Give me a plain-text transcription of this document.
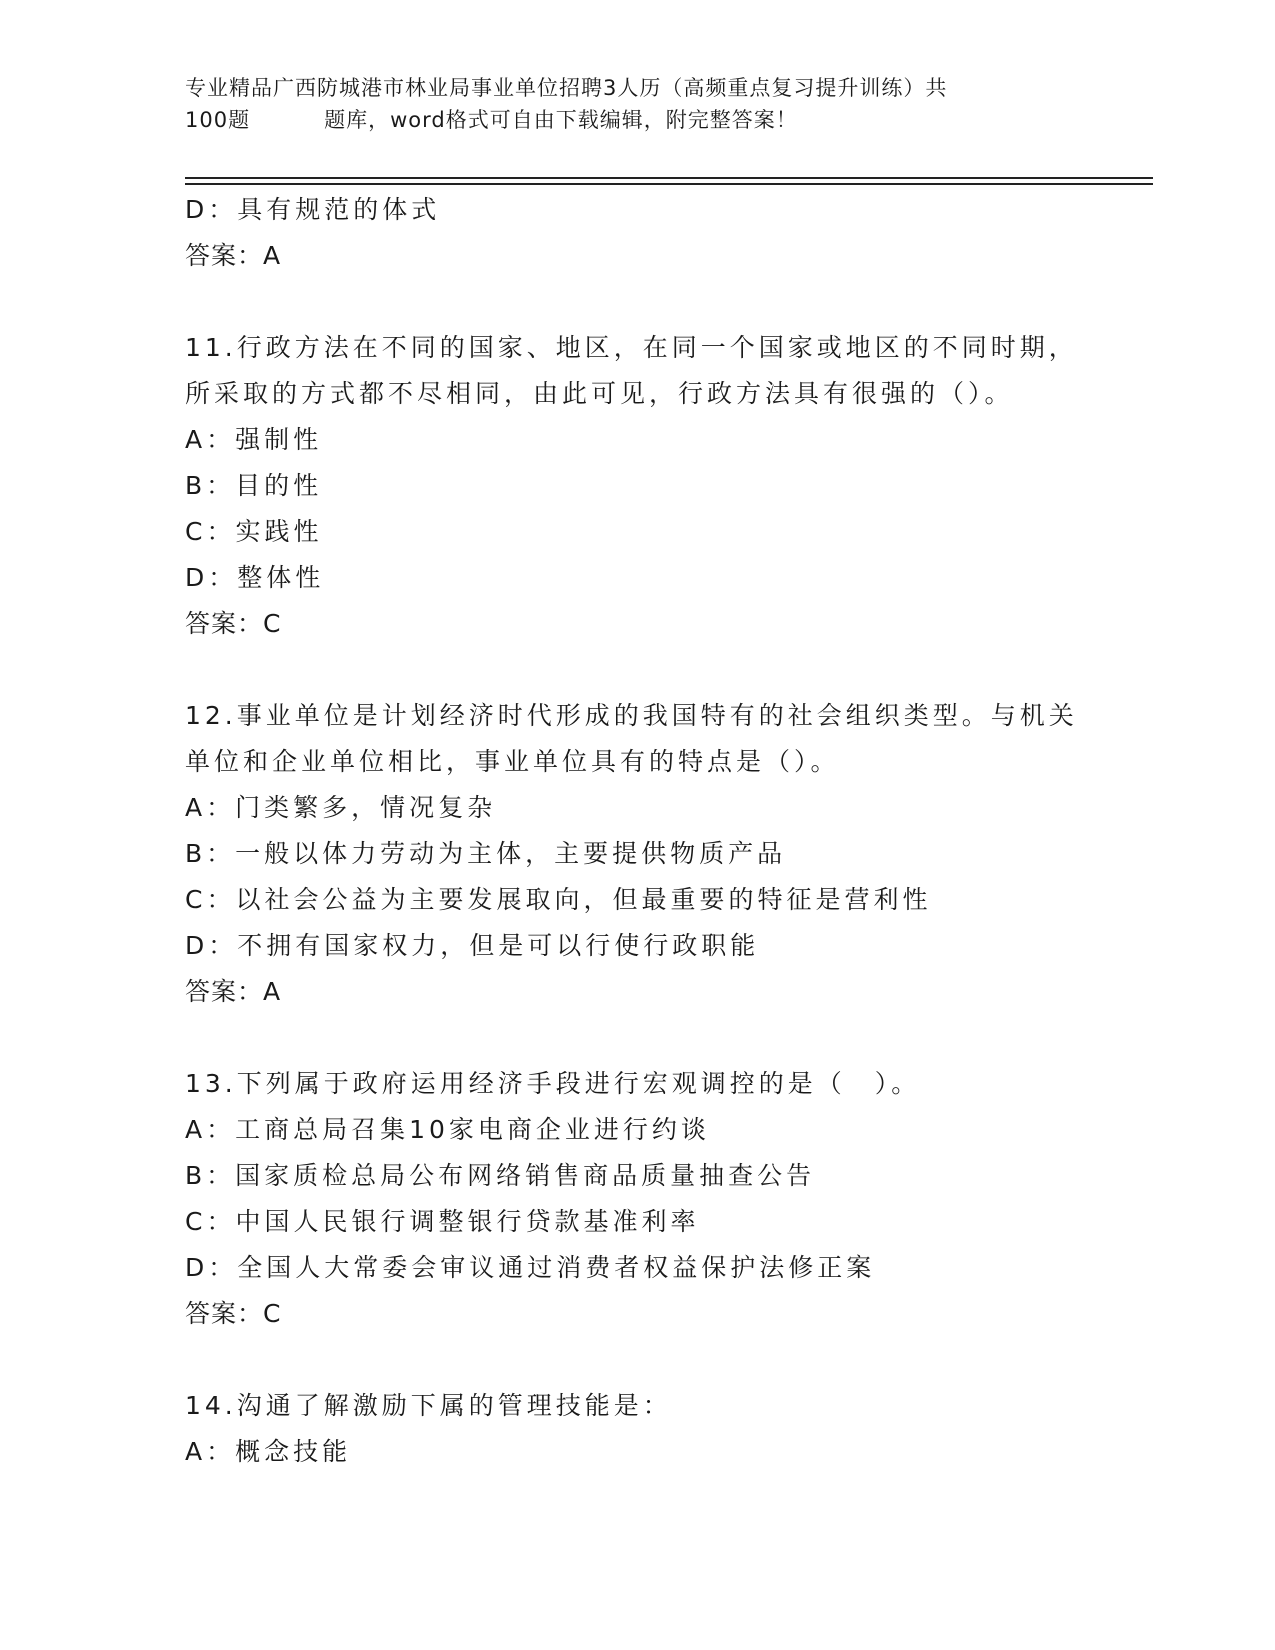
专业精品广西防城港市林业局事业单位招聘3人历（高频重点复习提升训练）共
100题	题库，word格式可自由下载编辑，附完整答案！
D：具有规范的体式
答案：A
11.行政方法在不同的国家、地区，在同一个国家或地区的不同时期，
所采取的方式都不尽相同，由此可见，行政方法具有很强的（）。
A：强制性
B：目的性
C：实践性
D：整体性
答案：C
12.事业单位是计划经济时代形成的我国特有的社会组织类型。与机关
单位和企业单位相比，事业单位具有的特点是（）。
A：门类繁多，情况复杂
B：一般以体力劳动为主体，主要提供物质产品
C：以社会公益为主要发展取向，但最重要的特征是营利性
D：不拥有国家权力，但是可以行使行政职能
答案：A
13.下列属于政府运用经济手段进行宏观调控的是（　）。
A：工商总局召集10家电商企业进行约谈
B：国家质检总局公布网络销售商品质量抽查公告
C：中国人民银行调整银行贷款基准利率
D：全国人大常委会审议通过消费者权益保护法修正案
答案：C
14.沟通了解激励下属的管理技能是：
A：概念技能
